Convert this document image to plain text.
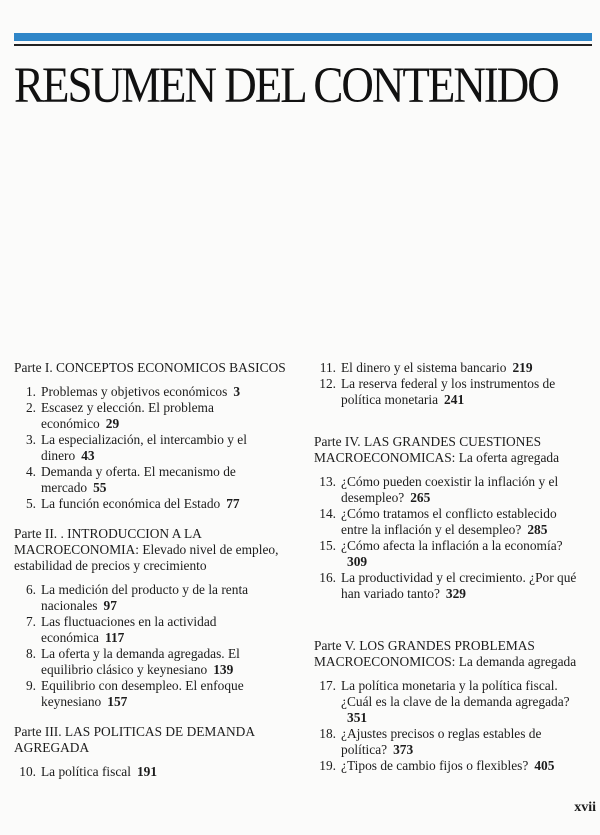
RESUMEN DEL CONTENIDO

Parte I. CONCEPTOS ECONOMICOS BASICOS

1. Problemas y objetivos económicos 3
2. Escasez y elección. El problema económico 29
3. La especialización, el intercambio y el dinero 43
4. Demanda y oferta. El mecanismo de mercado 55
5. La función económica del Estado 77

Parte II. . INTRODUCCION A LA MACROECONOMIA: Elevado nivel de empleo, estabilidad de precios y crecimiento

6. La medición del producto y de la renta nacionales 97
7. Las fluctuaciones en la actividad económica 117
8. La oferta y la demanda agregadas. El equilibrio clásico y keynesiano 139
9. Equilibrio con desempleo. El enfoque keynesiano 157

Parte III. LAS POLITICAS DE DEMANDA AGREGADA

10. La política fiscal 191
11. El dinero y el sistema bancario 219
12. La reserva federal y los instrumentos de política monetaria 241

Parte IV. LAS GRANDES CUESTIONES MACROECONOMICAS: La oferta agregada

13. ¿Cómo pueden coexistir la inflación y el desempleo? 265
14. ¿Cómo tratamos el conflicto establecido entre la inflación y el desempleo? 285
15. ¿Cómo afecta la inflación a la economía?309
16. La productividad y el crecimiento. ¿Por qué han variado tanto? 329

Parte V. LOS GRANDES PROBLEMAS MACROECONOMICOS: La demanda agregada

17. La política monetaria y la política fiscal. ¿Cuál es la clave de la demanda agregada?351
18. ¿Ajustes precisos o reglas estables de política? 373
19. ¿Tipos de cambio fijos o flexibles? 405
xvii
